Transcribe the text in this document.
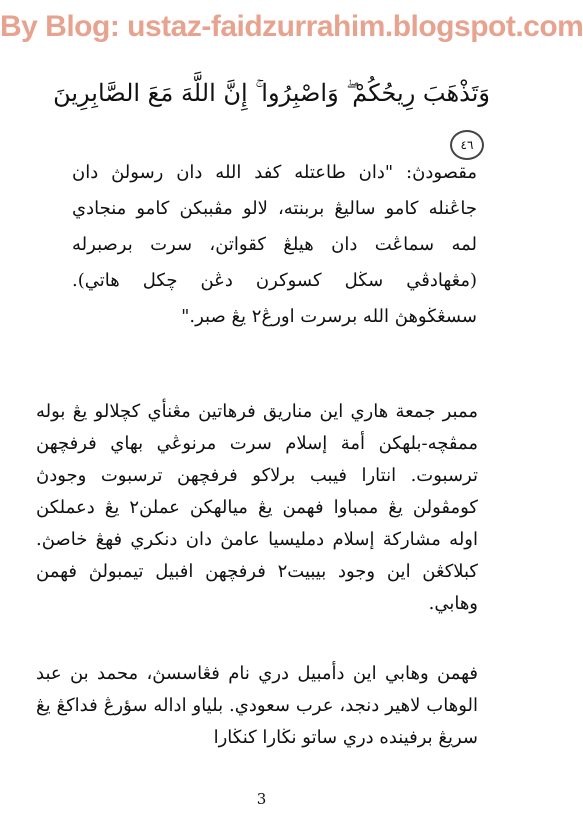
By Blog: ustaz-faidzurrahim.blogspot.com
وَتَذْهَبَ رِيحُكُمْ ۖ وَاصْبِرُوا ۚ إِنَّ اللَّهَ مَعَ الصَّابِرِينَ ٤٦
مقصودڽ: "دان طاعتله كفد الله دان رسولڽ دان جاڠنله كامو سالیڠ بربنته، لالو مڤببكن كامو منجادي لمه سماڠت دان هيلڠ كقواتن، سرت برصبرله (مڠهادڤي سڬل كسوكرن دڠن چكل هاتي). سسڠڬوهڽ الله برسرت اورڠ٢ يڠ صبر."
ممبر جمعة هاري اين مناريق فرهاتين مڠنأي كچلالو يڠ بوله ممڤچه-بلهكن أمة إسلام سرت مرنوڠي بهاي فرفچهن ترسبوت. انتارا فيبب برلاكو فرفچهن ترسبوت وجودڽ كومڤولن يڠ ممباوا فهمن يڠ ميالهكن عملن٢ يڠ دعملكن اوله مشاركة إسلام دمليسيا عامڽ دان دنكري فهڠ خاصڽ. كبلاكڠن اين وجود بيبيت٢ فرفچهن افبيل تيمبولڽ فهمن وهابي.
فهمن وهابي اين دأمبيل دري نام فڠاسسڽ، محمد بن عبد الوهاب لاهير دنجد، عرب سعودي. بلياو اداله سؤرڠ فداكڠ يڠ سريڠ برفينده دري ساتو نڬارا كنڬارا
3
